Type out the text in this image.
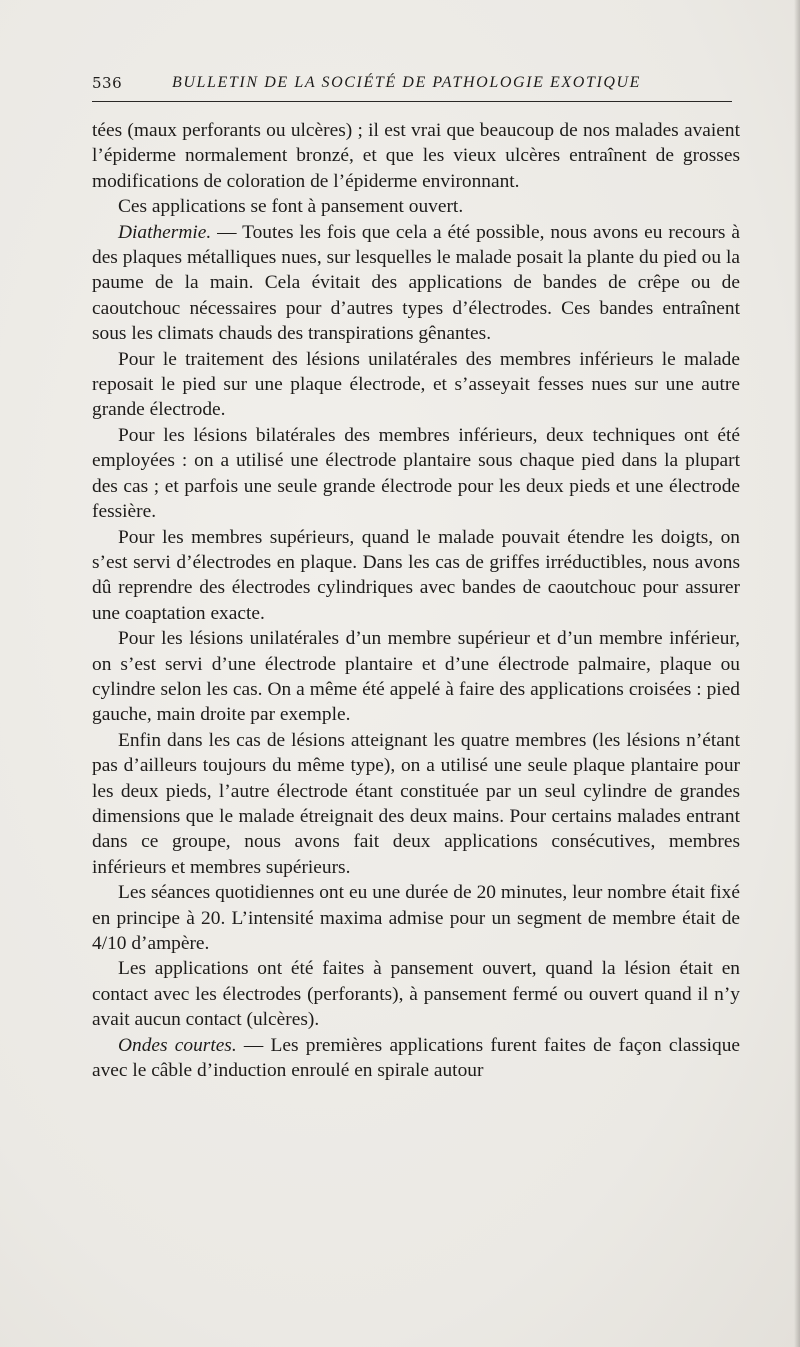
536	BULLETIN DE LA SOCIÉTÉ DE PATHOLOGIE EXOTIQUE

tées (maux perforants ou ulcères) ; il est vrai que beaucoup de nos malades avaient l’épiderme normalement bronzé, et que les vieux ulcères entraînent de grosses modifications de coloration de l’épiderme environnant.

Ces applications se font à pansement ouvert.

Diathermie. — Toutes les fois que cela a été possible, nous avons eu recours à des plaques métalliques nues, sur lesquelles le malade posait la plante du pied ou la paume de la main. Cela évitait des applications de bandes de crêpe ou de caoutchouc nécessaires pour d’autres types d’électrodes. Ces bandes entraînent sous les climats chauds des transpirations gênantes.

Pour le traitement des lésions unilatérales des membres inférieurs le malade reposait le pied sur une plaque électrode, et s’asseyait fesses nues sur une autre grande électrode.

Pour les lésions bilatérales des membres inférieurs, deux techniques ont été employées : on a utilisé une électrode plantaire sous chaque pied dans la plupart des cas ; et parfois une seule grande électrode pour les deux pieds et une électrode fessière.

Pour les membres supérieurs, quand le malade pouvait étendre les doigts, on s’est servi d’électrodes en plaque. Dans les cas de griffes irréductibles, nous avons dû reprendre des électrodes cylindriques avec bandes de caoutchouc pour assurer une coaptation exacte.

Pour les lésions unilatérales d’un membre supérieur et d’un membre inférieur, on s’est servi d’une électrode plantaire et d’une électrode palmaire, plaque ou cylindre selon les cas. On a même été appelé à faire des applications croisées : pied gauche, main droite par exemple.

Enfin dans les cas de lésions atteignant les quatre membres (les lésions n’étant pas d’ailleurs toujours du même type), on a utilisé une seule plaque plantaire pour les deux pieds, l’autre électrode étant constituée par un seul cylindre de grandes dimensions que le malade étreignait des deux mains. Pour certains malades entrant dans ce groupe, nous avons fait deux applications consécutives, membres inférieurs et membres supérieurs.

Les séances quotidiennes ont eu une durée de 20 minutes, leur nombre était fixé en principe à 20. L’intensité maxima admise pour un segment de membre était de 4/10 d’ampère.

Les applications ont été faites à pansement ouvert, quand la lésion était en contact avec les électrodes (perforants), à pansement fermé ou ouvert quand il n’y avait aucun contact (ulcères).

Ondes courtes. — Les premières applications furent faites de façon classique avec le câble d’induction enroulé en spirale autour
